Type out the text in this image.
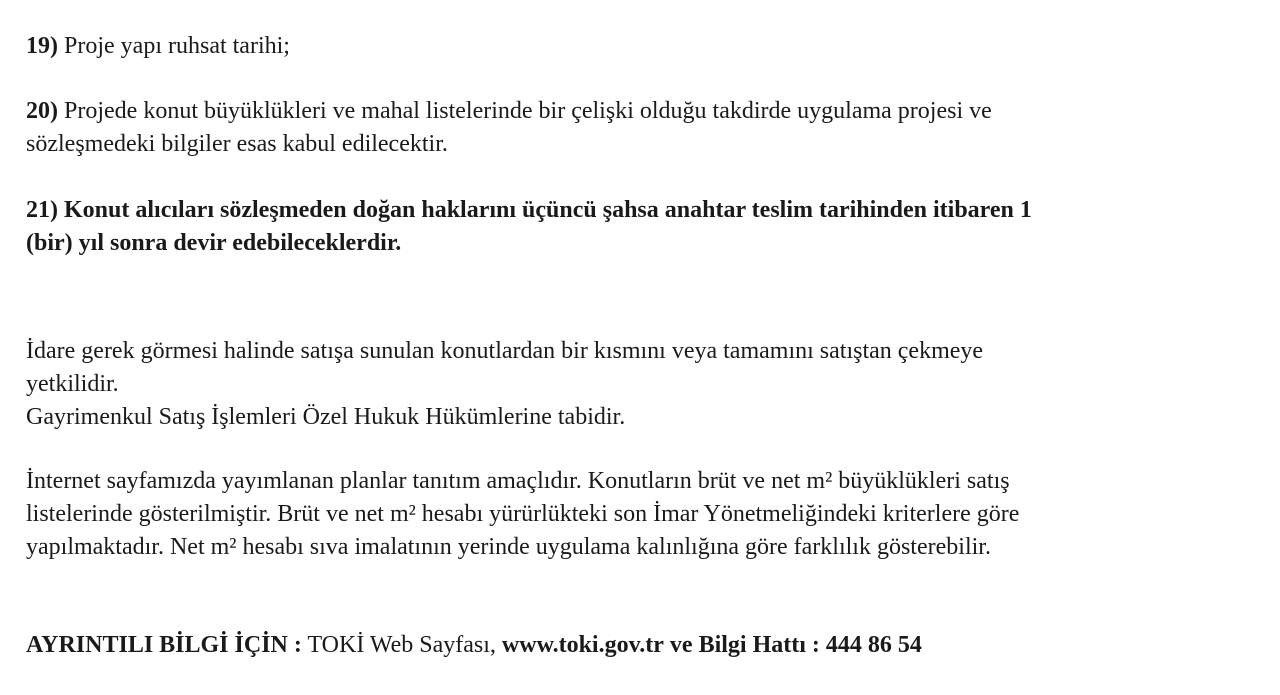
19) Proje yapı ruhsat tarihi;

20) Projede konut büyüklükleri ve mahal listelerinde bir çelişki olduğu takdirde uygulama projesi ve
sözleşmedeki bilgiler esas kabul edilecektir.

21) Konut alıcıları sözleşmeden doğan haklarını üçüncü şahsa anahtar teslim tarihinden itibaren 1
(bir) yıl sonra devir edebileceklerdir.

İdare gerek görmesi halinde satışa sunulan konutlardan bir kısmını veya tamamını satıştan çekmeye
yetkilidir.
Gayrimenkul Satış İşlemleri Özel Hukuk Hükümlerine tabidir.

İnternet sayfamızda yayımlanan planlar tanıtım amaçlıdır. Konutların brüt ve net m² büyüklükleri satış
listelerinde gösterilmiştir. Brüt ve net m² hesabı yürürlükteki son İmar Yönetmeliğindeki kriterlere göre
yapılmaktadır. Net m² hesabı sıva imalatının yerinde uygulama kalınlığına göre farklılık gösterebilir.

AYRINTILI BİLGİ İÇİN : TOKİ Web Sayfası, www.toki.gov.tr ve Bilgi Hattı : 444 86 54
